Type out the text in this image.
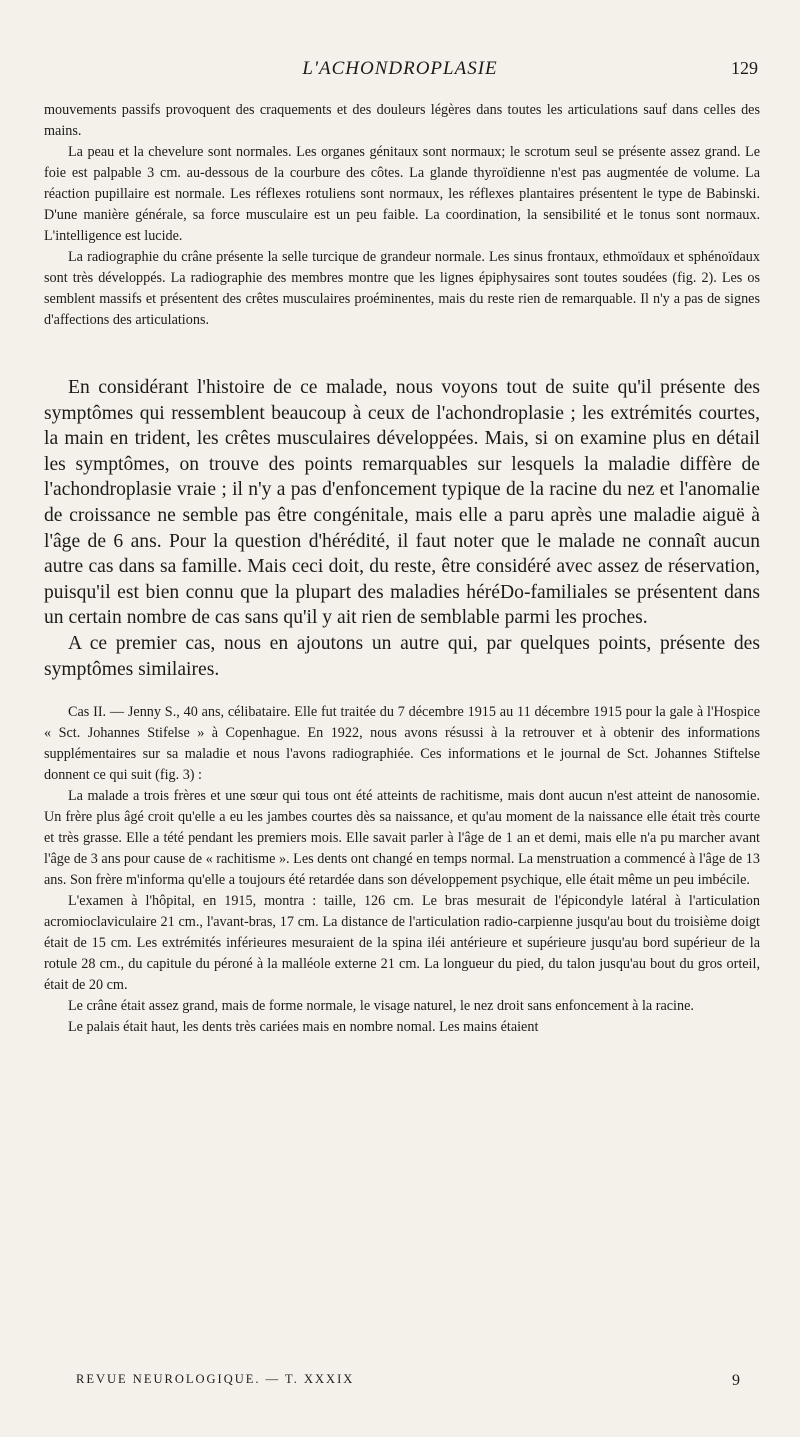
L'ACHONDROPLASIE	129

mouvements passifs provoquent des craquements et des douleurs légères dans toutes les articulations sauf dans celles des mains.

La peau et la chevelure sont normales. Les organes génitaux sont normaux; le scrotum seul se présente assez grand. Le foie est palpable 3 cm. au-dessous de la courbure des côtes. La glande thyroïdienne n'est pas augmentée de volume. La réaction pupillaire est normale. Les réflexes rotuliens sont normaux, les réflexes plantaires présentent le type de Babinski. D'une manière générale, sa force musculaire est un peu faible. La coordination, la sensibilité et le tonus sont normaux. L'intelligence est lucide.

La radiographie du crâne présente la selle turcique de grandeur normale. Les sinus frontaux, ethmoïdaux et sphénoïdaux sont très développés. La radiographie des membres montre que les lignes épiphysaires sont toutes soudées (fig. 2). Les os semblent massifs et présentent des crêtes musculaires proéminentes, mais du reste rien de remarquable. Il n'y a pas de signes d'affections des articulations.

En considérant l'histoire de ce malade, nous voyons tout de suite qu'il présente des symptômes qui ressemblent beaucoup à ceux de l'achondroplasie ; les extrémités courtes, la main en trident, les crêtes musculaires développées. Mais, si on examine plus en détail les symptômes, on trouve des points remarquables sur lesquels la maladie diffère de l'achondroplasie vraie ; il n'y a pas d'enfoncement typique de la racine du nez et l'anomalie de croissance ne semble pas être congénitale, mais elle a paru après une maladie aiguë à l'âge de 6 ans. Pour la question d'hérédité, il faut noter que le malade ne connaît aucun autre cas dans sa famille. Mais ceci doit, du reste, être considéré avec assez de réservation, puisqu'il est bien connu que la plupart des maladies héréDo-familiales se présentent dans un certain nombre de cas sans qu'il y ait rien de semblable parmi les proches.

A ce premier cas, nous en ajoutons un autre qui, par quelques points, présente des symptômes similaires.

Cas II. — Jenny S., 40 ans, célibataire. Elle fut traitée du 7 décembre 1915 au 11 décembre 1915 pour la gale à l'Hospice « Sct. Johannes Stifelse » à Copenhague. En 1922, nous avons résussi à la retrouver et à obtenir des informations supplémentaires sur sa maladie et nous l'avons radiographiée. Ces informations et le journal de Sct. Johannes Stiftelse donnent ce qui suit (fig. 3) :

La malade a trois frères et une sœur qui tous ont été atteints de rachitisme, mais dont aucun n'est atteint de nanosomie. Un frère plus âgé croit qu'elle a eu les jambes courtes dès sa naissance, et qu'au moment de la naissance elle était très courte et très grasse. Elle a tété pendant les premiers mois. Elle savait parler à l'âge de 1 an et demi, mais elle n'a pu marcher avant l'âge de 3 ans pour cause de « rachitisme ». Les dents ont changé en temps normal. La menstruation a commencé à l'âge de 13 ans. Son frère m'informa qu'elle a toujours été retardée dans son développement psychique, elle était même un peu imbécile.

L'examen à l'hôpital, en 1915, montra : taille, 126 cm. Le bras mesurait de l'épicondyle latéral à l'articulation acromioclaviculaire 21 cm., l'avant-bras, 17 cm. La distance de l'articulation radio-carpienne jusqu'au bout du troisième doigt était de 15 cm. Les extrémités inférieures mesuraient de la spina iléi antérieure et supérieure jusqu'au bord supérieur de la rotule 28 cm., du capitule du péroné à la malléole externe 21 cm. La longueur du pied, du talon jusqu'au bout du gros orteil, était de 20 cm.

Le crâne était assez grand, mais de forme normale, le visage naturel, le nez droit sans enfoncement à la racine.

Le palais était haut, les dents très cariées mais en nombre nomal. Les mains étaient

REVUE NEUROLOGIQUE. — T. XXXIX	9
